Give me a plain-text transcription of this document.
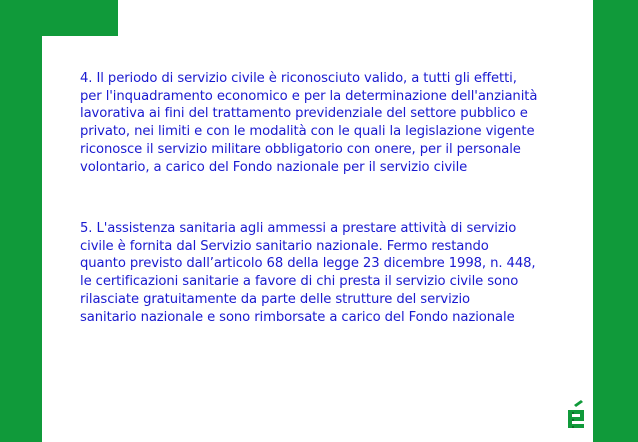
4. Il periodo di servizio civile è riconosciuto valido, a tutti gli effetti,
per l'inquadramento economico e per la determinazione dell'anzianità
lavorativa ai fini del trattamento previdenziale del settore pubblico e
privato, nei limiti e con le modalità con le quali la legislazione vigente
riconosce il servizio militare obbligatorio con onere, per il personale
volontario, a carico del Fondo nazionale per il servizio civile
5. L'assistenza sanitaria agli ammessi a prestare attività di servizio
civile è fornita dal Servizio sanitario nazionale. Fermo restando
quanto previsto dall’articolo 68 della legge 23 dicembre 1998, n. 448,
le certificazioni sanitarie a favore di chi presta il servizio civile sono
rilasciate gratuitamente da parte delle strutture del servizio
sanitario nazionale e sono rimborsate a carico del Fondo nazionale
